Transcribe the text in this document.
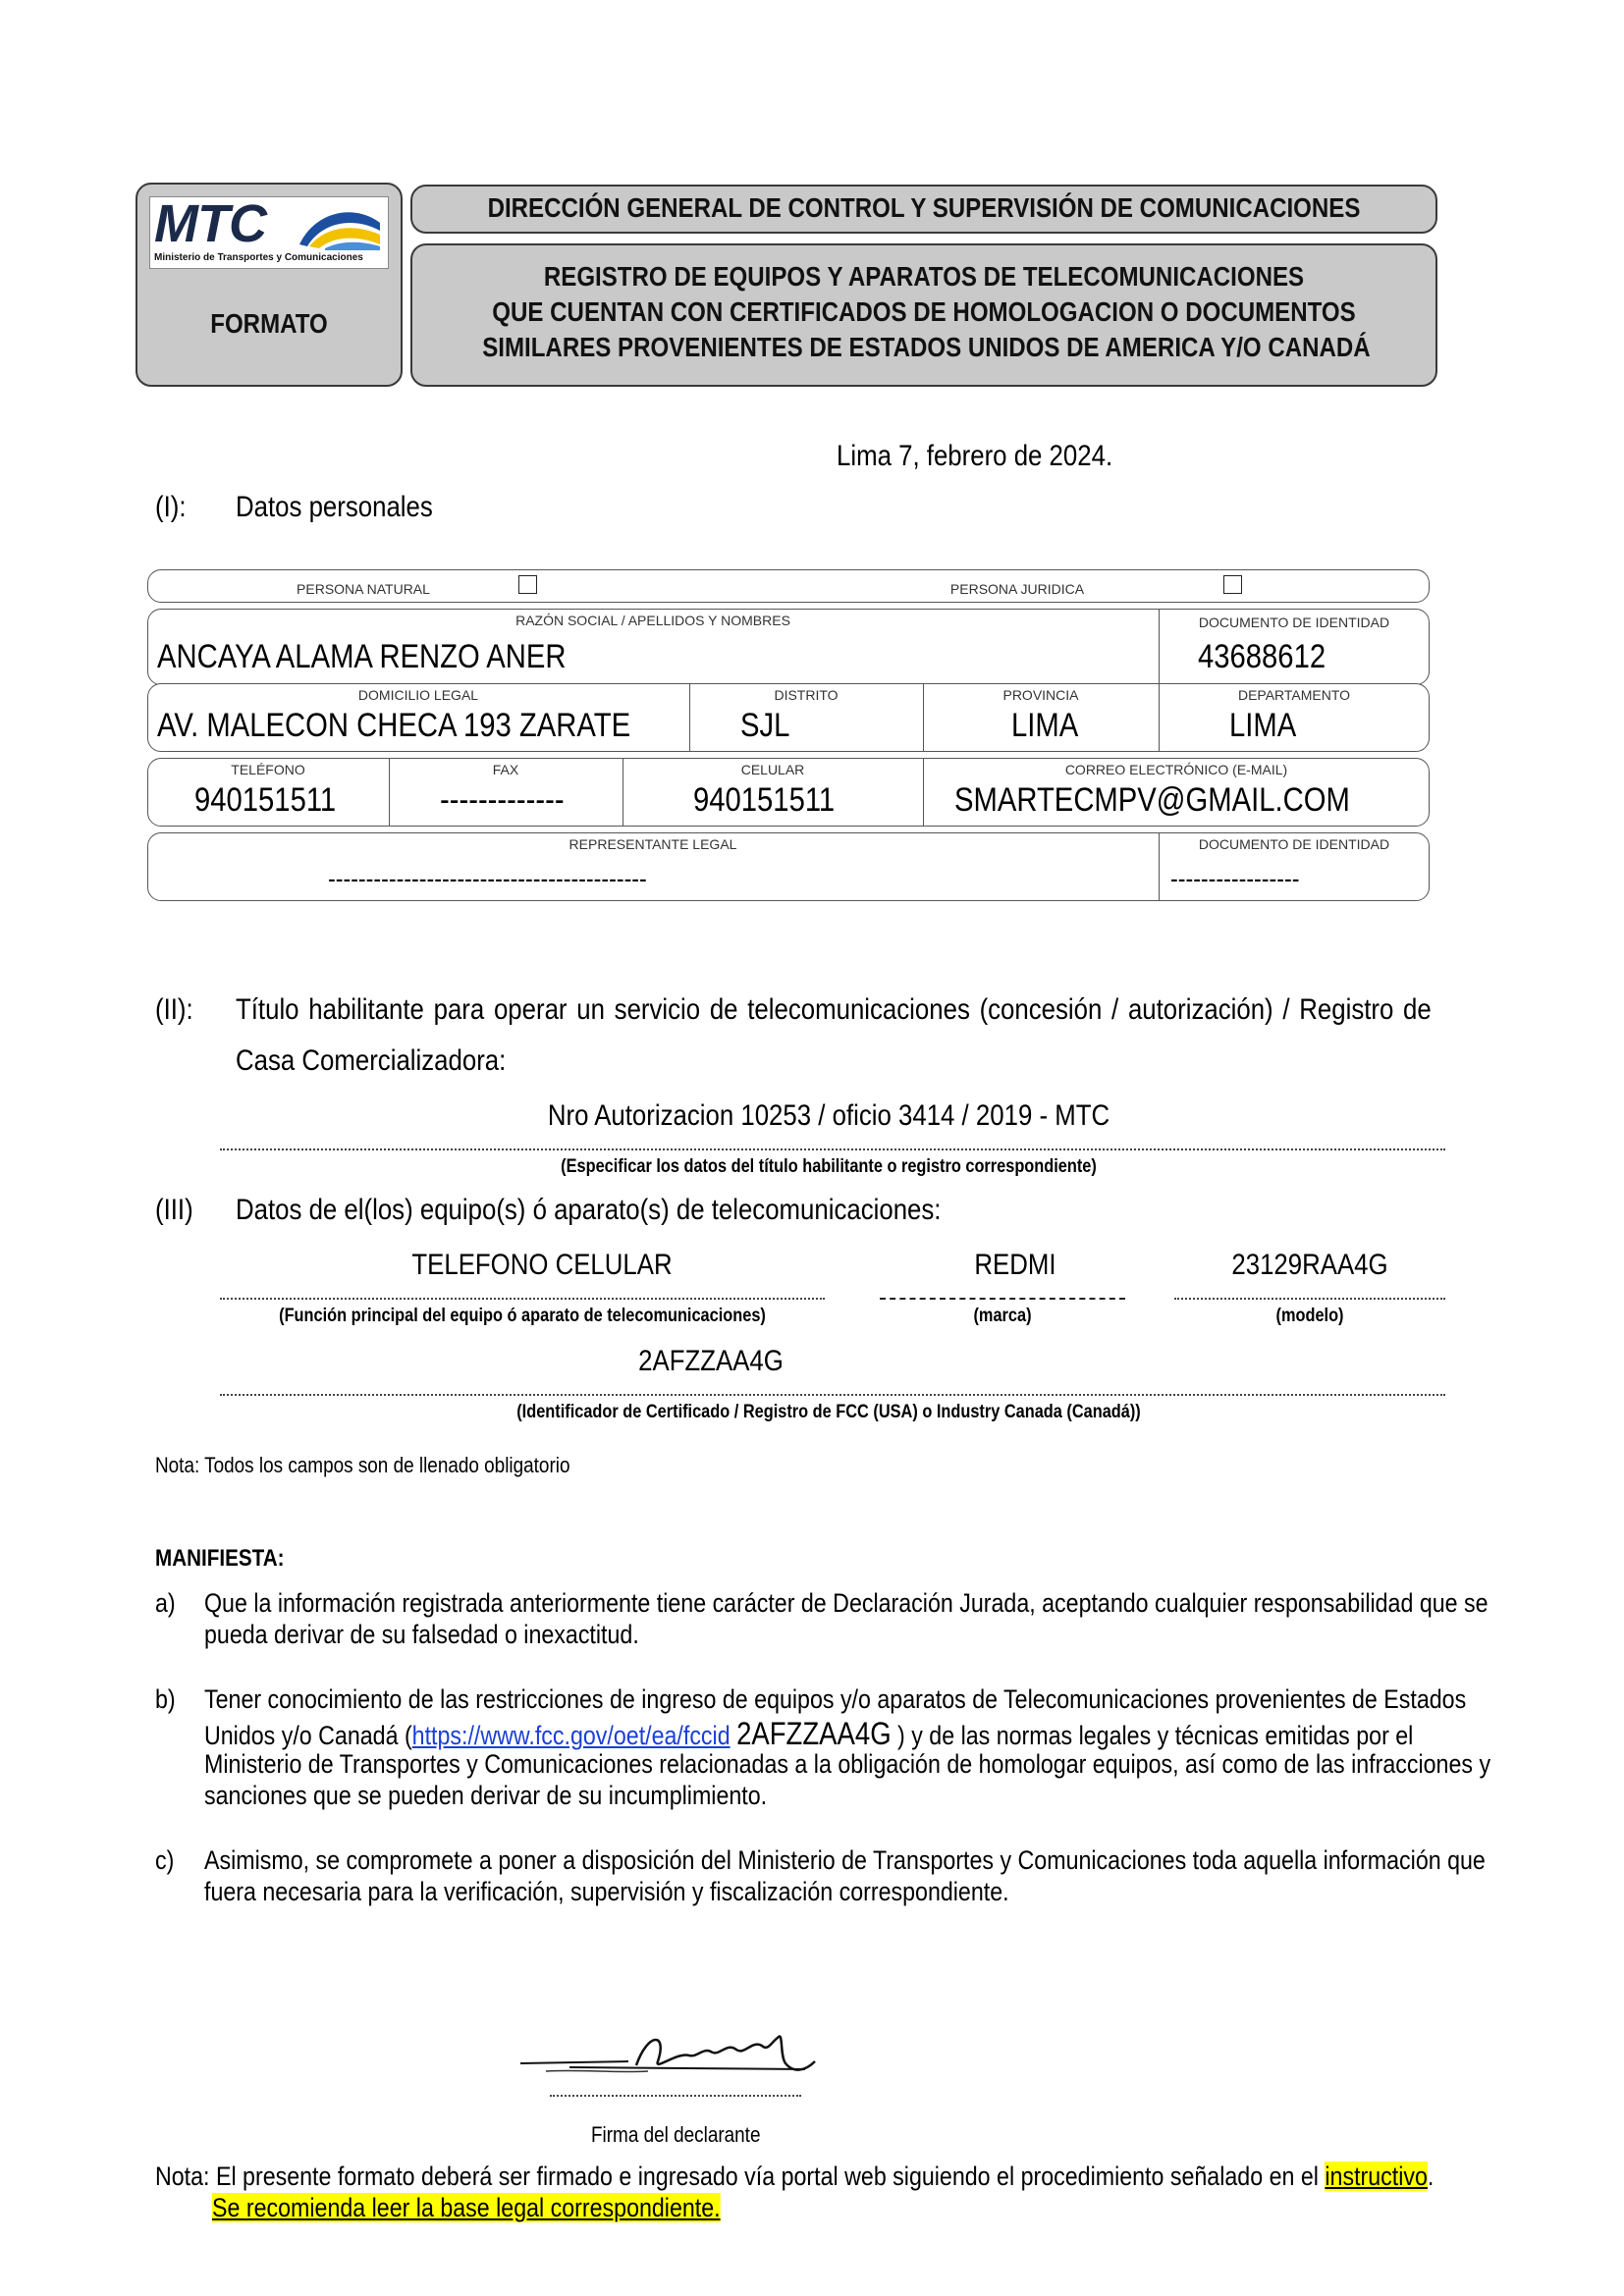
MTC
Ministerio de Transportes y Comunicaciones
FORMATO
DIRECCIÓN GENERAL DE CONTROL Y SUPERVISIÓN DE COMUNICACIONES
REGISTRO DE EQUIPOS Y APARATOS DE TELECOMUNICACIONES
QUE CUENTAN CON CERTIFICADOS DE HOMOLOGACION O DOCUMENTOS
SIMILARES PROVENIENTES DE ESTADOS UNIDOS DE AMERICA Y/O CANADÁ
Lima 7, febrero de 2024.
(I): Datos personales
PERSONA NATURAL	PERSONA JURIDICA
RAZÓN SOCIAL / APELLIDOS Y NOMBRES	DOCUMENTO DE IDENTIDAD
ANCAYA ALAMA RENZO ANER	43688612
DOMICILIO LEGAL	DISTRITO	PROVINCIA	DEPARTAMENTO
AV. MALECON CHECA 193 ZARATE	SJL	LIMA	LIMA
TELÉFONO	FAX	CELULAR	CORREO ELECTRÓNICO (E-MAIL)
940151511	-------------	940151511	SMARTECMPV@GMAIL.COM
REPRESENTANTE LEGAL	DOCUMENTO DE IDENTIDAD
------------------------------------------	-----------------
(II): Título habilitante para operar un servicio de telecomunicaciones (concesión / autorización) / Registro de
Casa Comercializadora:
Nro Autorizacion 10253 / oficio 3414 / 2019 - MTC
(Especificar los datos del título habilitante o registro correspondiente)
(III) Datos de el(los) equipo(s) ó aparato(s) de telecomunicaciones:
TELEFONO CELULAR
(Función principal del equipo ó aparato de telecomunicaciones)
REDMI
(marca)
23129RAA4G
(modelo)
2AFZZAA4G
(Identificador de Certificado / Registro de FCC (USA) o Industry Canada (Canadá))
Nota: Todos los campos son de llenado obligatorio
MANIFIESTA:
a) Que la información registrada anteriormente tiene carácter de Declaración Jurada, aceptando cualquier responsabilidad que se
pueda derivar de su falsedad o inexactitud.
b) Tener conocimiento de las restricciones de ingreso de equipos y/o aparatos de Telecomunicaciones provenientes de Estados
Unidos y/o Canadá (https://www.fcc.gov/oet/ea/fccid 2AFZZAA4G ) y de las normas legales y técnicas emitidas por el
Ministerio de Transportes y Comunicaciones relacionadas a la obligación de homologar equipos, así como de las infracciones y
sanciones que se pueden derivar de su incumplimiento.
c) Asimismo, se compromete a poner a disposición del Ministerio de Transportes y Comunicaciones toda aquella información que
fuera necesaria para la verificación, supervisión y fiscalización correspondiente.
Firma del declarante
Nota: El presente formato deberá ser firmado e ingresado vía portal web siguiendo el procedimiento señalado en el instructivo.
Se recomienda leer la base legal correspondiente.
